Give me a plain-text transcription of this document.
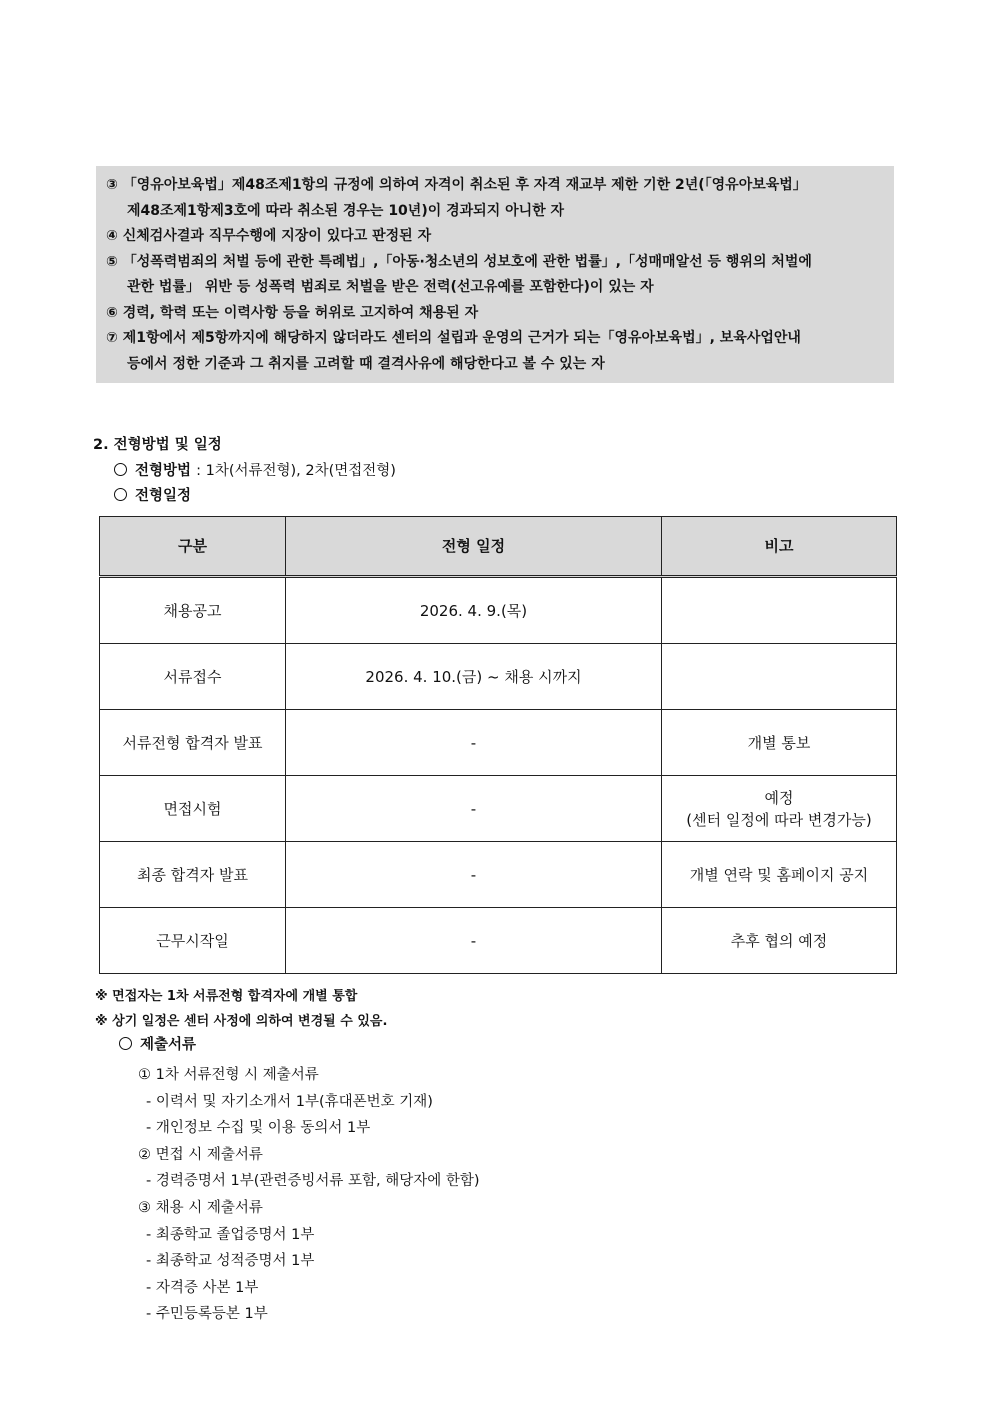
③ 「영유아보육법」제48조제1항의 규정에 의하여 자격이 취소된 후 자격 재교부 제한 기한 2년(「영유아보육법」
제48조제1항제3호에 따라 취소된 경우는 10년)이 경과되지 아니한 자
④ 신체검사결과 직무수행에 지장이 있다고 판정된 자
⑤ 「성폭력범죄의 처벌 등에 관한 특례법」,「아동·청소년의 성보호에 관한 법률」,「성매매알선 등 행위의 처벌에
관한 법률」 위반 등 성폭력 범죄로 처벌을 받은 전력(선고유예를 포함한다)이 있는 자
⑥ 경력, 학력 또는 이력사항 등을 허위로 고지하여 채용된 자
⑦ 제1항에서 제5항까지에 해당하지 않더라도 센터의 설립과 운영의 근거가 되는「영유아보육법」, 보육사업안내
등에서 정한 기준과 그 취지를 고려할 때 결격사유에 해당한다고 볼 수 있는 자
2. 전형방법 및 일정
전형방법 : 1차(서류전형), 2차(면접전형)
전형일정
구분	전형 일정	비고
채용공고	2026. 4. 9.(목)	
서류접수	2026. 4. 10.(금) ~ 채용 시까지	
서류전형 합격자 발표	-	개별 통보
면접시험	-	예정
(센터 일정에 따라 변경가능)

최종 합격자 발표	-	개별 연락 및 홈페이지 공지
근무시작일	-	추후 협의 예정
※ 면접자는 1차 서류전형 합격자에 개별 통합
※ 상기 일정은 센터 사정에 의하여 변경될 수 있음.
제출서류
① 1차 서류전형 시 제출서류
- 이력서 및 자기소개서 1부(휴대폰번호 기재)
- 개인정보 수집 및 이용 동의서 1부
② 면접 시 제출서류
- 경력증명서 1부(관련증빙서류 포함, 해당자에 한함)
③ 채용 시 제출서류
- 최종학교 졸업증명서 1부
- 최종학교 성적증명서 1부
- 자격증 사본 1부
- 주민등록등본 1부
